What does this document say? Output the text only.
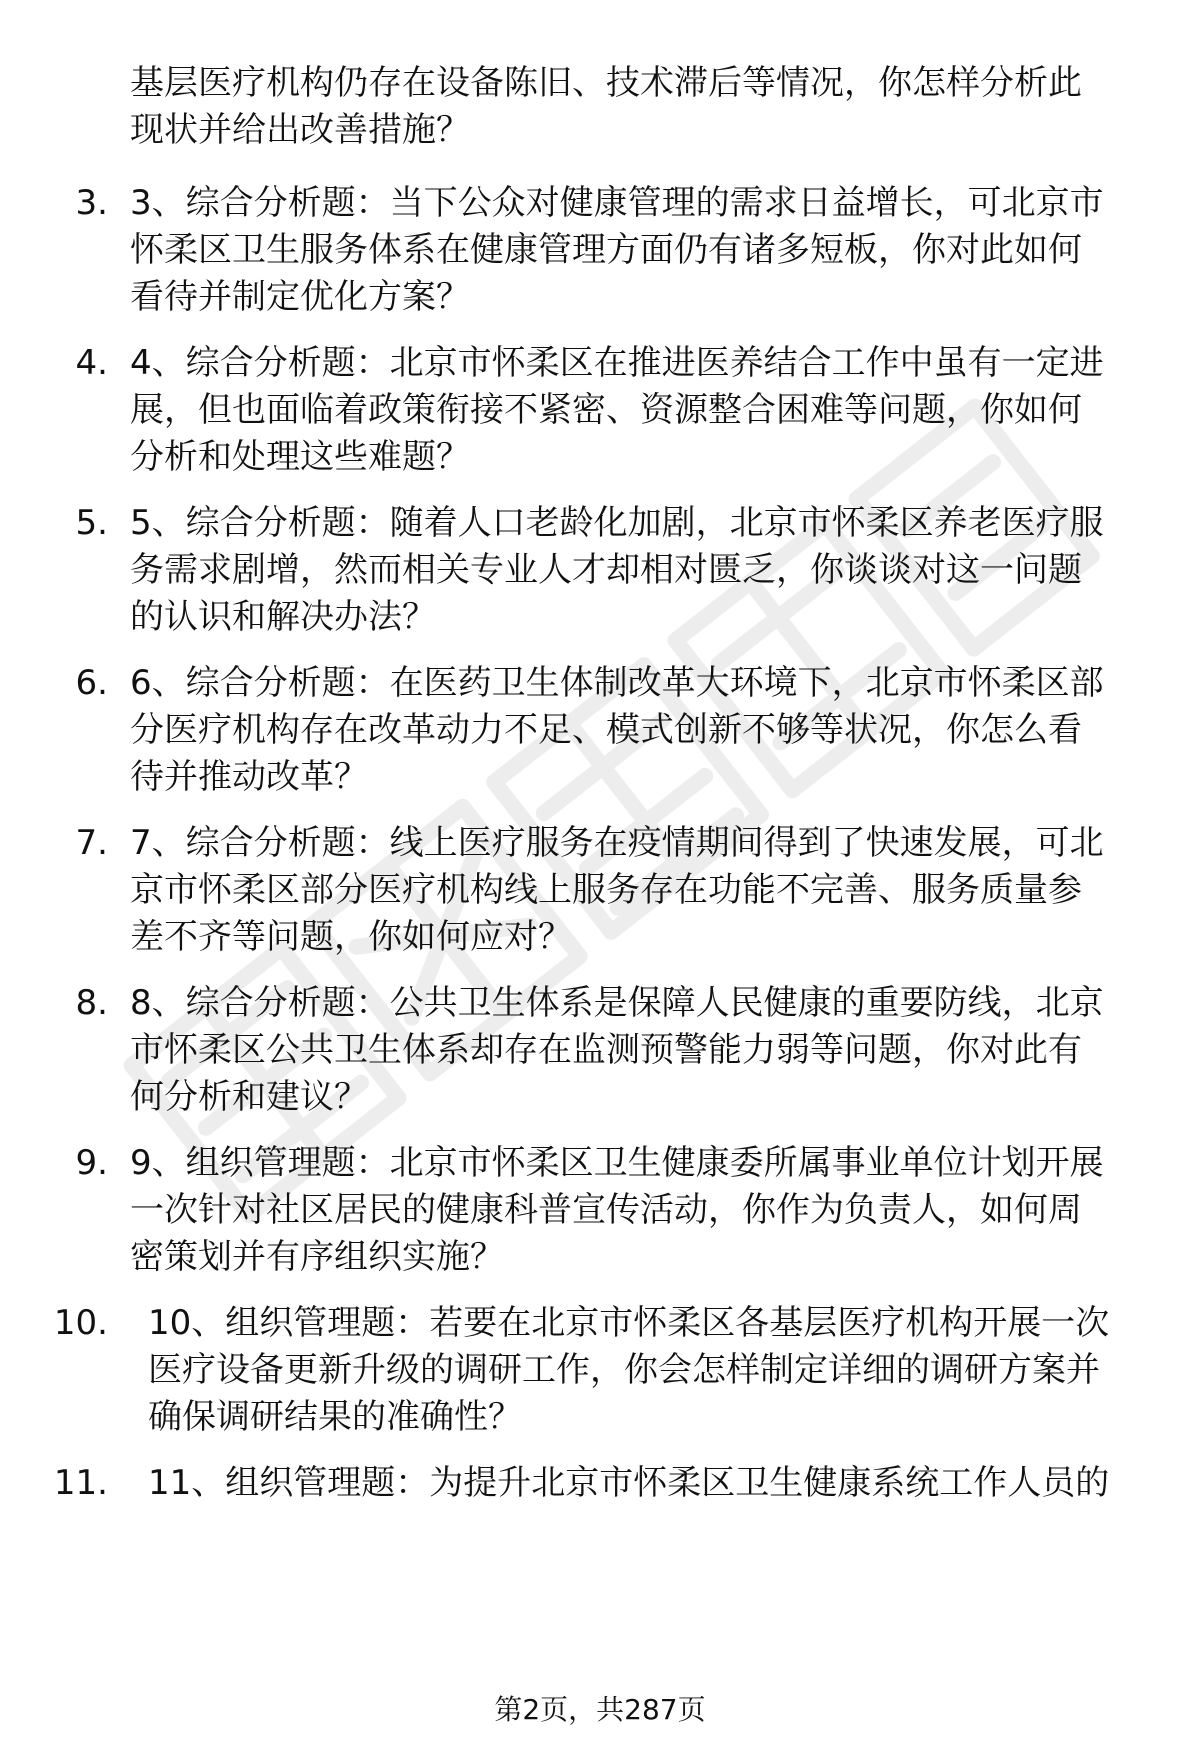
基层医疗机构仍存在设备陈旧、技术滞后等情况，你怎样分析此
现状并给出改善措施？

3. 3、综合分析题：当下公众对健康管理的需求日益增长，可北京市
怀柔区卫生服务体系在健康管理方面仍有诸多短板，你对此如何
看待并制定优化方案？

4. 4、综合分析题：北京市怀柔区在推进医养结合工作中虽有一定进
展，但也面临着政策衔接不紧密、资源整合困难等问题，你如何
分析和处理这些难题？

5. 5、综合分析题：随着人口老龄化加剧，北京市怀柔区养老医疗服
务需求剧增，然而相关专业人才却相对匮乏，你谈谈对这一问题
的认识和解决办法？

6. 6、综合分析题：在医药卫生体制改革大环境下，北京市怀柔区部
分医疗机构存在改革动力不足、模式创新不够等状况，你怎么看
待并推动改革？

7. 7、综合分析题：线上医疗服务在疫情期间得到了快速发展，可北
京市怀柔区部分医疗机构线上服务存在功能不完善、服务质量参
差不齐等问题，你如何应对？

8. 8、综合分析题：公共卫生体系是保障人民健康的重要防线，北京
市怀柔区公共卫生体系却存在监测预警能力弱等问题，你对此有
何分析和建议？

9. 9、组织管理题：北京市怀柔区卫生健康委所属事业单位计划开展
一次针对社区居民的健康科普宣传活动，你作为负责人，如何周
密策划并有序组织实施？

10. 10、组织管理题：若要在北京市怀柔区各基层医疗机构开展一次
医疗设备更新升级的调研工作，你会怎样制定详细的调研方案并
确保调研结果的准确性？

11. 11、组织管理题：为提升北京市怀柔区卫生健康系统工作人员的

第2页，共287页
